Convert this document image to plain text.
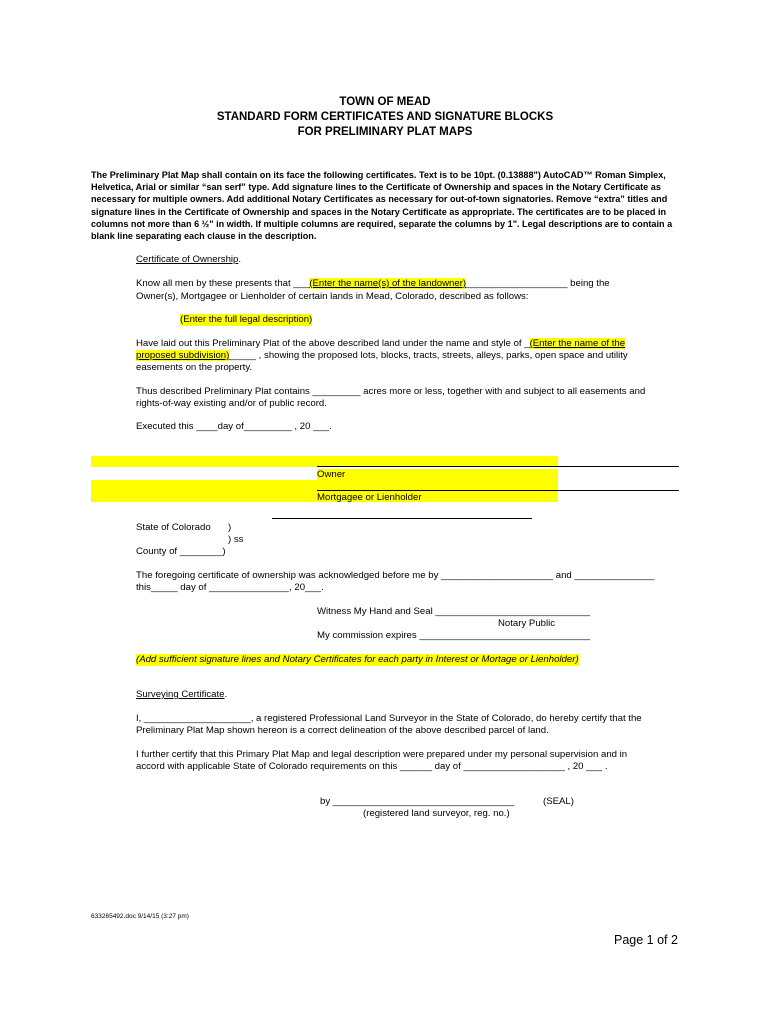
TOWN OF MEAD
STANDARD FORM CERTIFICATES AND SIGNATURE BLOCKS
FOR PRELIMINARY PLAT MAPS
The Preliminary Plat Map shall contain on its face the following certificates. Text is to be 10pt. (0.13888") AutoCAD™ Roman Simplex, Helvetica, Arial or similar “san serf” type. Add signature lines to the Certificate of Ownership and spaces in the Notary Certificate as necessary for multiple owners. Add additional Notary Certificates as necessary for out-of-town signatories. Remove “extra” titles and signature lines in the Certificate of Ownership and spaces in the Notary Certificate as appropriate. The certificates are to be placed in columns not more than 6 ½" in width. If multiple columns are required, separate the columns by 1". Legal descriptions are to contain a blank line separating each clause in the description.
Certificate of Ownership.
Know all men by these presents that ___(Enter the name(s) of the landowner)___________________ being the
Owner(s), Mortgagee or Lienholder of certain lands in Mead, Colorado, described as follows:
(Enter the full legal description)
Have laid out this Preliminary Plat of the above described land under the name and style of _(Enter the name of the
proposed subdivision)_____ , showing the proposed lots, blocks, tracts, streets, alleys, parks, open space and utility
easements on the property.
Thus described Preliminary Plat contains _________ acres more or less, together with and subject to all easements and
rights-of-way existing and/or of public record.
Executed this ____day of_________ , 20 ___.
Owner
Mortgagee or Lienholder
State of Colorado )
) ss
County of ________)
The foregoing certificate of ownership was acknowledged before me by _____________________ and _______________
this_____ day of _______________, 20___.
Witness My Hand and Seal _____________________________
Notary Public
My commission expires ________________________________
(Add sufficient signature lines and Notary Certificates for each party in Interest or Mortage or Lienholder)
Surveying Certificate.
I, ____________________, a registered Professional Land Surveyor in the State of Colorado, do hereby certify that the
Preliminary Plat Map shown hereon is a correct delineation of the above described parcel of land.
I further certify that this Primary Plat Map and legal description were prepared under my personal supervision and in
accord with applicable State of Colorado requirements on this ______ day of ___________________ , 20 ___ .
by __________________________________	(SEAL)
(registered land surveyor, reg. no.)
633265492.doc 9/14/15 (3:27 pm)
Page 1 of 2
